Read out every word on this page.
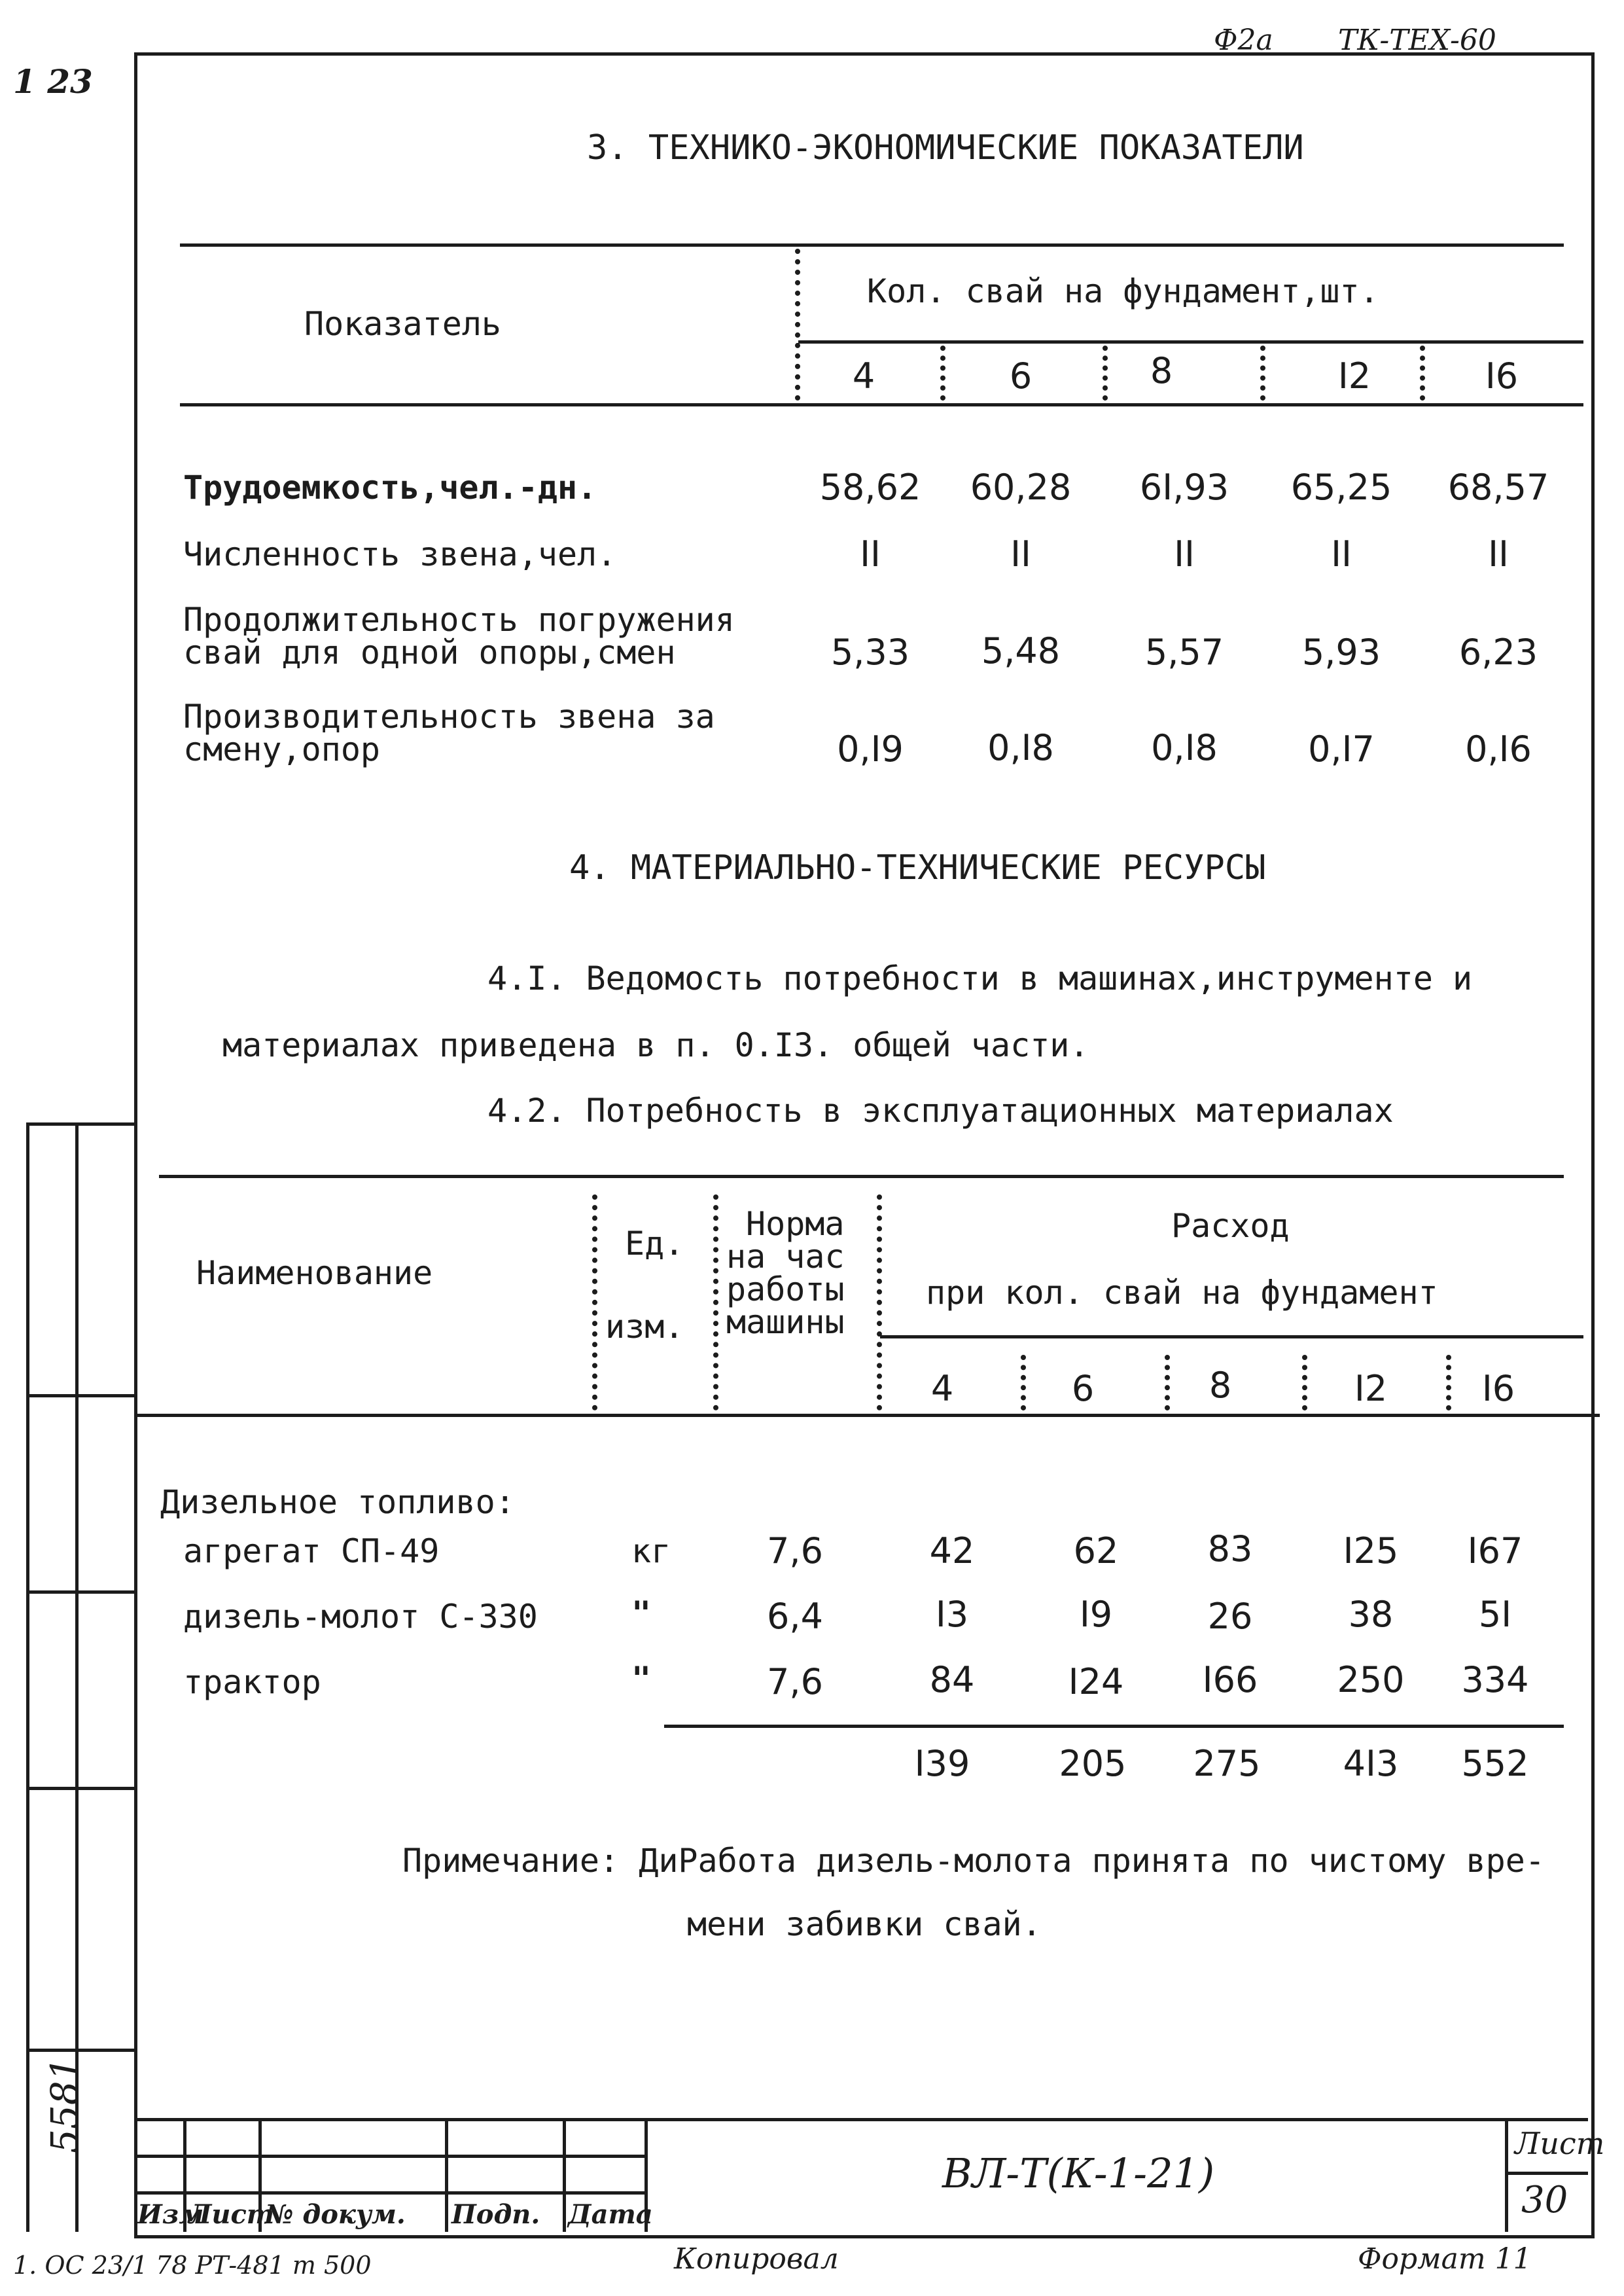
Ф2а ТК-ТЕХ-60
1 23
5581
3. ТЕХНИКО-ЭКОНОМИЧЕСКИЕ ПОКАЗАТЕЛИ
Показатель
Кол. свай на фундамент,шт.
4	6	8	I2	I6
Трудоемкость,чел.-дн.	58,62 60,28 6I,93 65,25 68,57
Численность звена,чел.	II	II	II	II	II
Продолжительность погружения
свай для одной опоры,смен	5,33	5,48	5,57	5,93	6,23
Производительность звена за
смену,опор	0,I9	0,I8	0,I8	0,I7	0,I6
4. МАТЕРИАЛЬНО-ТЕХНИЧЕСКИЕ РЕСУРСЫ
4.I. Ведомость потребности в машинах,инструменте и
материалах приведена в п. 0.I3. общей части.
4.2. Потребность в эксплуатационных материалах
Наименование
Ед.
изм.
Норма
на час
работы
машины
Расход
при кол. свай на фундамент
4	6	8	I2	I6
Дизельное топливо:
агрегат СП-49	кг	7,6	42	62	83	I25	I67
дизель-молот С-330	"	6,4	I3	I9	26	38	5I
трактор	"	7,6	84	I24	I66	250	334
I39	205	275	4I3	552
Примечание: ДиРабота дизель-молота принята по чистому вре-
мени забивки свай.
Изм
Лист
№ докум. Подп. Дата
ВЛ-Т(К-1-21)
Лист
30
1. ОС 23/1 78 РТ-481 т 500	Копировал	Формат 11
